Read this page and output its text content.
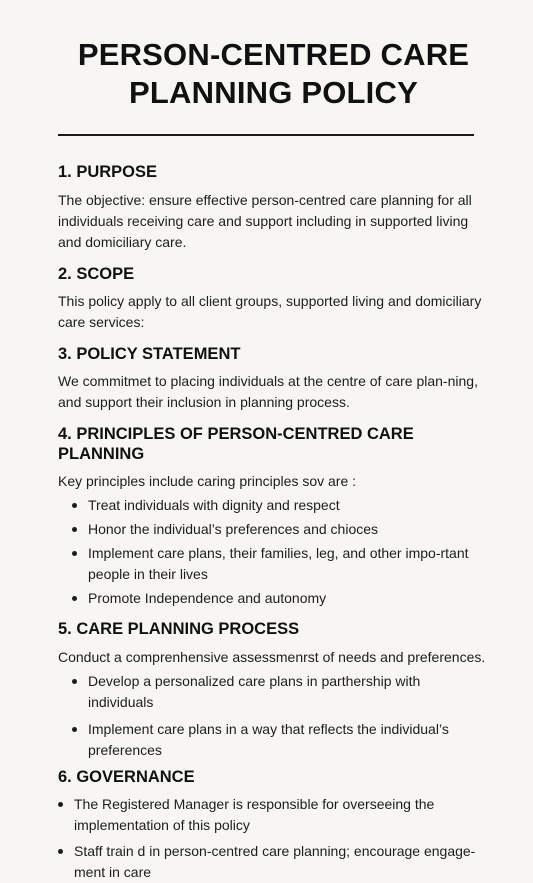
PERSON-CENTRED CARE PLANNING POLICY
1. PURPOSE

The objective: ensure effective person-centred care planning for all individuals receiving care and support including in supported living and domiciliary care.

2. SCOPE

This policy apply to all client groups, supported living and domiciliary care services:

3. POLICY STATEMENT

We commitmet to placing individuals at the centre of care plan-ning, and support their inclusion in planning process.

4. PRINCIPLES OF PERSON-CENTRED CARE PLANNING

Key principles include caring principles sov are :

Treat individuals with dignity and respect
Honor the individual’s preferences and chioces
Implement care plans, their families, leg, and other impo-rtant people in their lives
Promote Independence and autonomy
5. CARE PLANNING PROCESS

Conduct a comprenhensive assessmenrst of needs and preferences.

Develop a personalized care plans in parthership with individuals
Implement care plans in a way that reflects the individual’s preferences
6. GOVERNANCE
The Registered Manager is responsible for overseeing the implementation of this policy
Staff train d in person-centred care planning; encourage engage-ment in care
